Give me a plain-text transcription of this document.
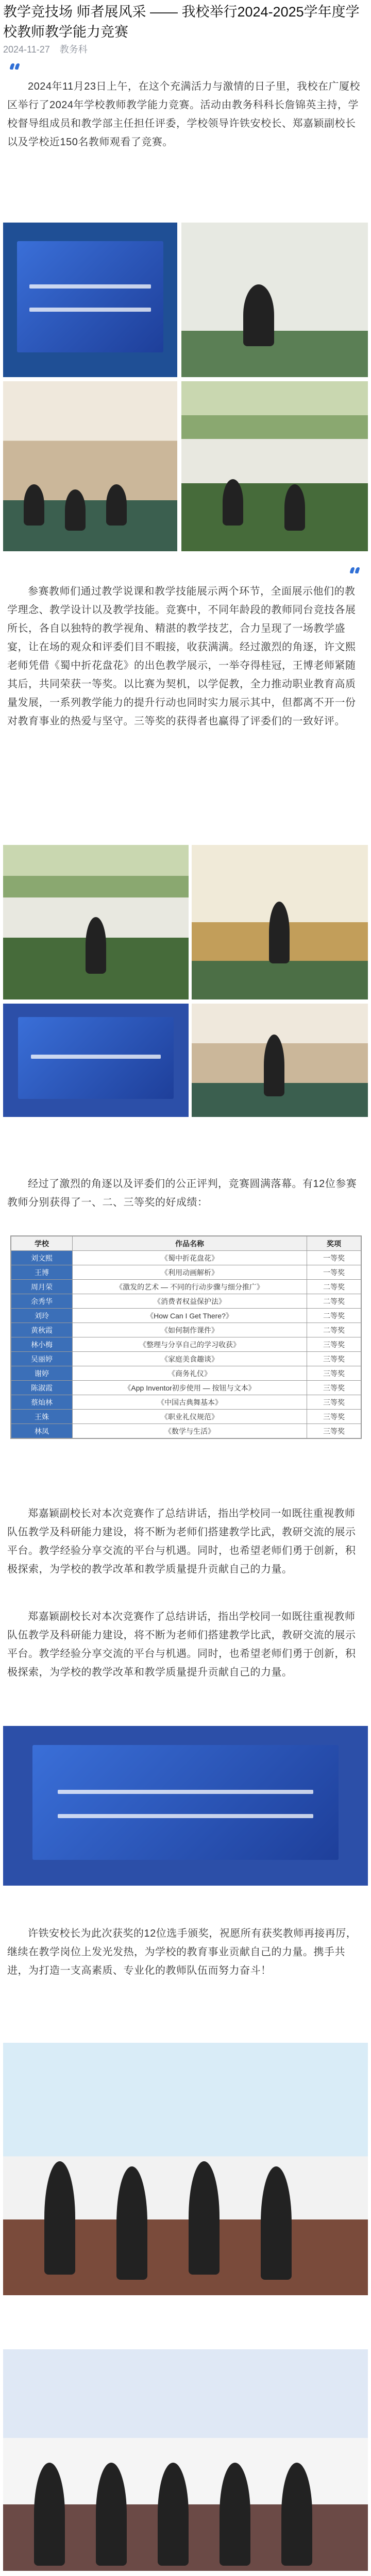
教学竞技场 师者展风采 —— 我校举行2024-2025学年度学校教师教学能力竞赛
2024-11-27 教务科
2024年11月23日上午，在这个充满活力与激情的日子里，我校在广厦校区举行了2024年学校教师教学能力竞赛。活动由教务科科长詹锦英主持，学校督导组成员和教学部主任担任评委，学校领导许铁安校长、郑嘉颖副校长以及学校近150名教师观看了竞赛。
参赛教师们通过教学说课和教学技能展示两个环节，全面展示他们的教学理念、教学设计以及教学技能。竞赛中，不同年龄段的教师同台竞技各展所长，各自以独特的教学视角、精湛的教学技艺，合力呈现了一场教学盛宴，让在场的观众和评委们目不暇接，收获满满。经过激烈的角逐，许文熙老师凭借《蜀中折花盘花》的出色教学展示，一举夺得桂冠，王博老师紧随其后，共同荣获一等奖。以比赛为契机，以学促教，全力推动职业教育高质量发展，一系列教学能力的提升行动也同时实力展示其中，但都离不开一份对教育事业的热爱与坚守。三等奖的获得者也赢得了评委们的一致好评。
经过了激烈的角逐以及评委们的公正评判，竞赛圆满落幕。有12位参赛教师分别获得了一、二、三等奖的好成绩：
学校	作品名称	奖项
刘文熙	《蜀中折花盘花》	一等奖
王博	《利用动画解析》	一等奖
周月荣	《激发的艺术 — 不同的行动步骤与细分推广》	二等奖
余秀华	《消费者权益保护法》	二等奖
刘玲	《How Can I Get There?》	二等奖
黄秋霞	《如何制作课件》	二等奖
林小梅	《整理与分享自己的学习收获》	三等奖
吴丽婷	《家庭美食趣谈》	三等奖
谢婷	《商务礼仪》	三等奖
陈淑霞	《App Inventor初步使用 — 按钮与文本》	三等奖
蔡灿林	《中国古典舞基本》	三等奖
王姝	《职业礼仪规范》	三等奖
林凤	《数学与生活》	三等奖
郑嘉颖副校长对本次竞赛作了总结讲话，指出学校同一如既往重视教师队伍教学及科研能力建设，将不断为老师们搭建教学比武，教研交流的展示平台。教学经验分享交流的平台与机遇。同时，也希望老师们勇于创新，积极探索，为学校的教学改革和教学质量提升贡献自己的力量。
郑嘉颖副校长对本次竞赛作了总结讲话，指出学校同一如既往重视教师队伍教学及科研能力建设，将不断为老师们搭建教学比武，教研交流的展示平台。教学经验分享交流的平台与机遇。同时，也希望老师们勇于创新，积极探索，为学校的教学改革和教学质量提升贡献自己的力量。
许铁安校长为此次获奖的12位选手颁奖，祝愿所有获奖教师再接再厉，继续在教学岗位上发光发热，为学校的教育事业贡献自己的力量。携手共进，为打造一支高素质、专业化的教师队伍而努力奋斗！
